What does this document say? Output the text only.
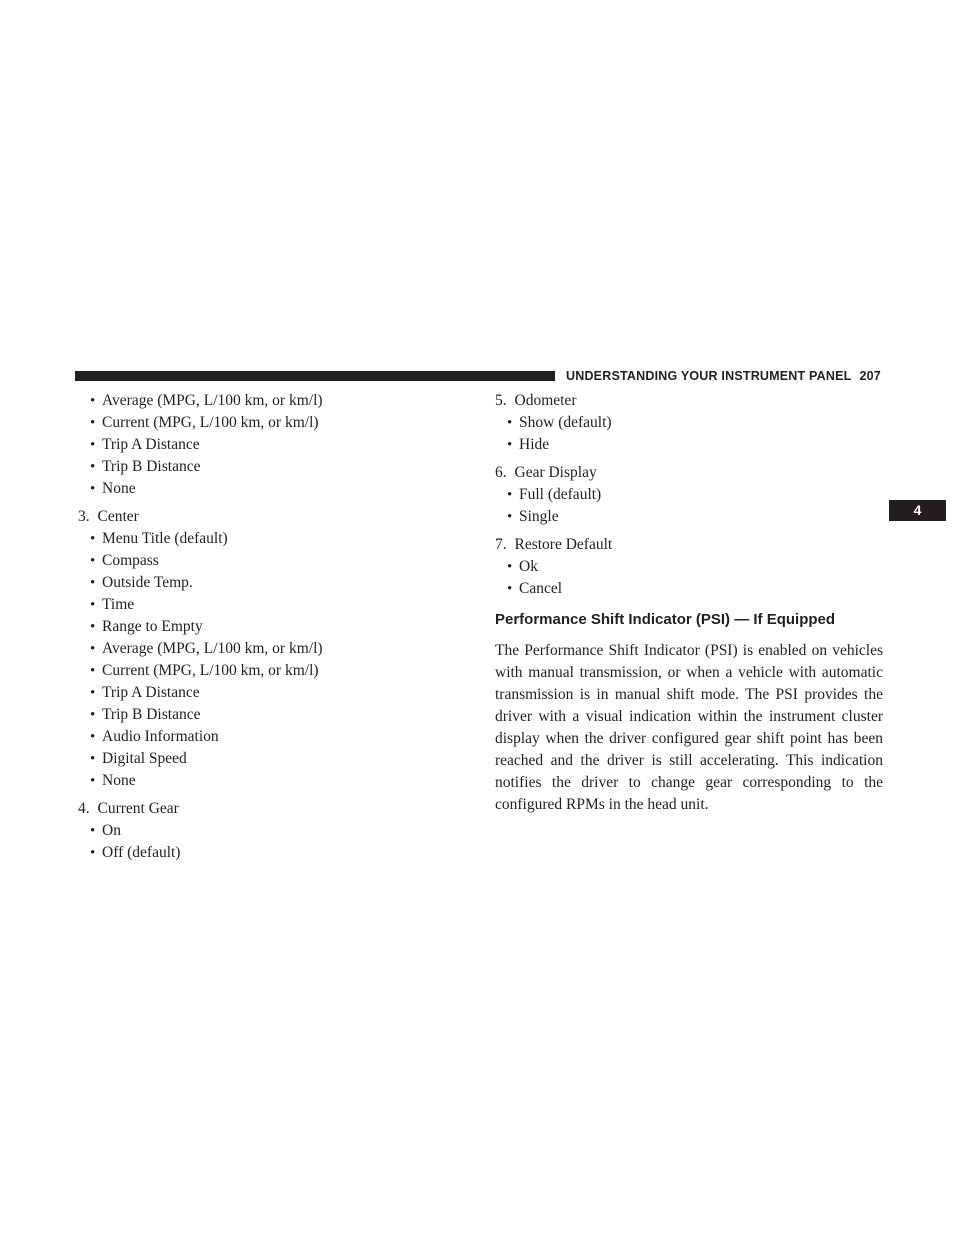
UNDERSTANDING YOUR INSTRUMENT PANEL 207
4
• Average (MPG, L/100 km, or km/l)
• Current (MPG, L/100 km, or km/l)
• Trip A Distance
• Trip B Distance
• None
3. Center
• Menu Title (default)
• Compass
• Outside Temp.
• Time
• Range to Empty
• Average (MPG, L/100 km, or km/l)
• Current (MPG, L/100 km, or km/l)
• Trip A Distance
• Trip B Distance
• Audio Information
• Digital Speed
• None
4. Current Gear
• On
• Off (default)
5. Odometer
• Show (default)
• Hide
6. Gear Display
• Full (default)
• Single
7. Restore Default
• Ok
• Cancel
Performance Shift Indicator (PSI) — If Equipped

The Performance Shift Indicator (PSI) is enabled on vehicles with manual transmission, or when a vehicle with automatic transmission is in manual shift mode. The PSI provides the driver with a visual indication within the instrument cluster display when the driver configured gear shift point has been reached and the driver is still accelerating. This indication notifies the driver to change gear corresponding to the configured RPMs in the head unit.
